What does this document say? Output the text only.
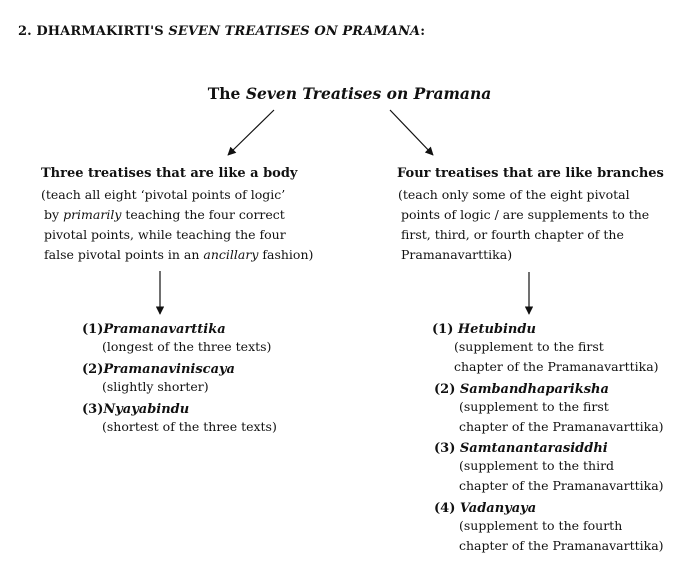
2. DHARMAKIRTI'S SEVEN TREATISES ON PRAMANA:
The Seven Treatises on Pramana
Three treatises that are like a body
(teach all eight ‘pivotal points of logic’
by primarily teaching the four correct
pivotal points, while teaching the four
false pivotal points in an ancillary fashion)
(1)Pramanavarttika
(longest of the three texts)
(2)Pramanaviniscaya
(slightly shorter)
(3)Nyayabindu
(shortest of the three texts)
Four treatises that are like branches
(teach only some of the eight pivotal
points of logic / are supplements to the
first, third, or fourth chapter of the
Pramanavarttika)
(1) Hetubindu
(supplement to the first
chapter of the Pramanavarttika)
(2) Sambandhapariksha
(supplement to the first
chapter of the Pramanavarttika)
(3) Samtanantarasiddhi
(supplement to the third
chapter of the Pramanavarttika)
(4) Vadanyaya
(supplement to the fourth
chapter of the Pramanavarttika)
